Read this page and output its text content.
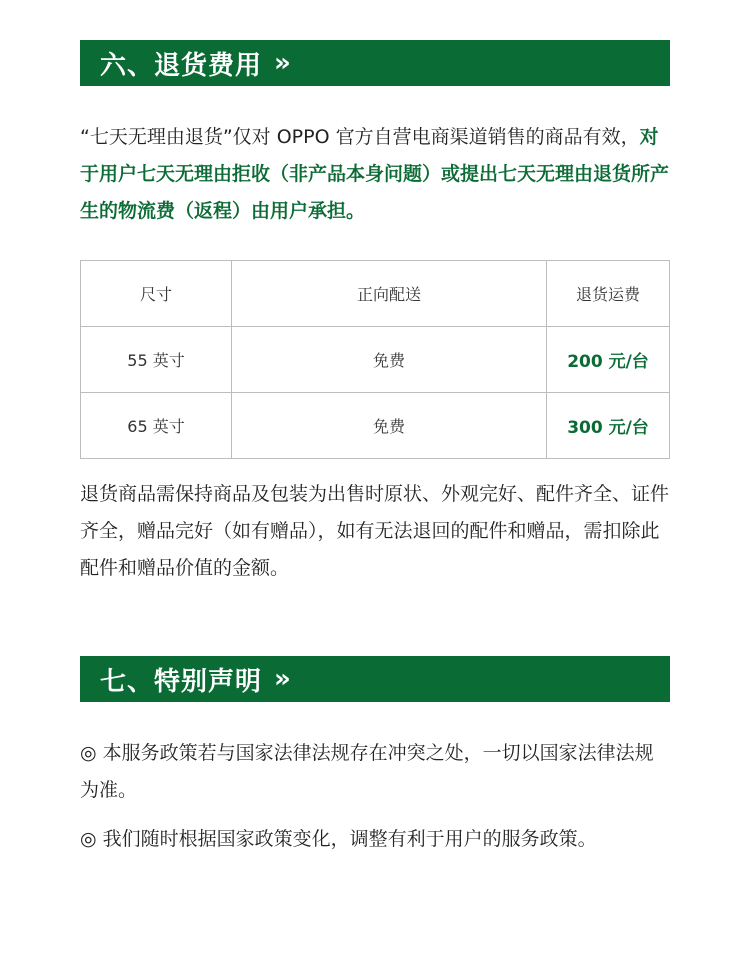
六、退货费用 »

“七天无理由退货”仅对 OPPO 官方自营电商渠道销售的商品有效，对于用户七天无理由拒收（非产品本身问题）或提出七天无理由退货所产生的物流费（返程）由用户承担。

尺寸	正向配送	退货运费
55 英寸	免费	200 元/台
65 英寸	免费	300 元/台

退货商品需保持商品及包装为出售时原状、外观完好、配件齐全、证件齐全，赠品完好（如有赠品），如有无法退回的配件和赠品，需扣除此配件和赠品价值的金额。

七、特别声明 »

◎ 本服务政策若与国家法律法规存在冲突之处，一切以国家法律法规为准。

◎ 我们随时根据国家政策变化，调整有利于用户的服务政策。
